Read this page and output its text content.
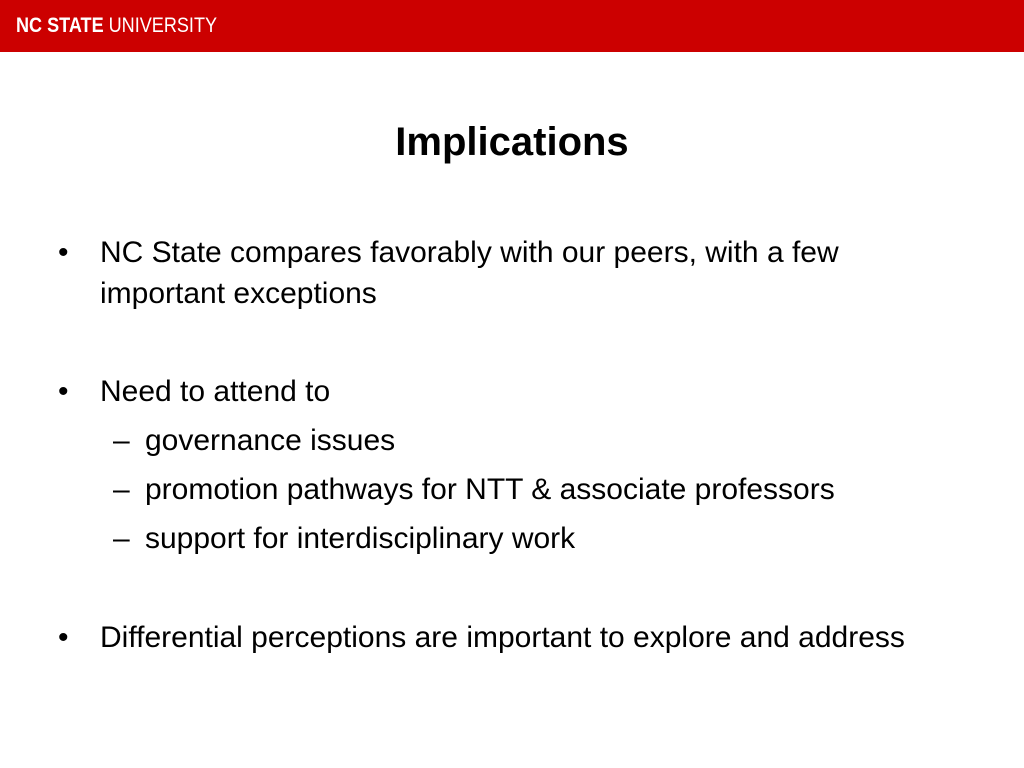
NC STATE UNIVERSITY
Implications
•	NC State compares favorably with our peers, with a few important exceptions
•	Need to attend to
– governance issues
– promotion pathways for NTT & associate professors
– support for interdisciplinary work
•	Differential perceptions are important to explore and address
